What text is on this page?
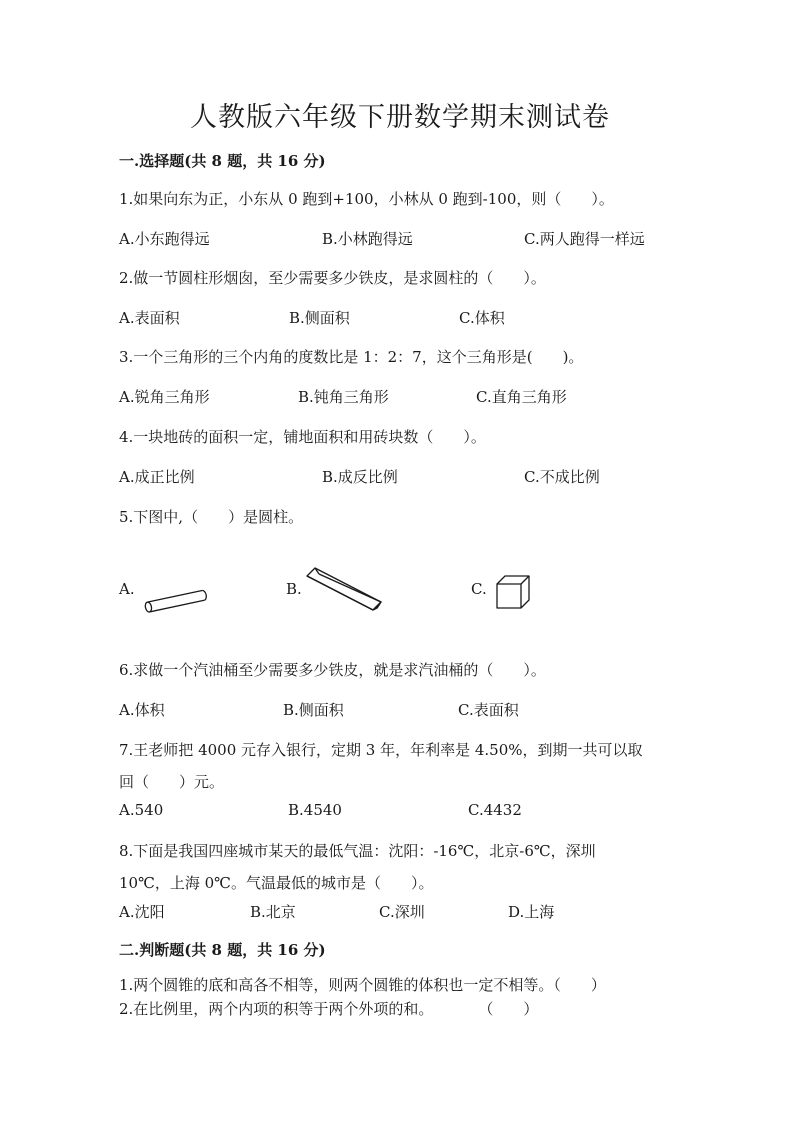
人教版六年级下册数学期末测试卷
一.选择题(共 8 题，共 16 分)
1.如果向东为正，小东从 0 跑到+100，小林从 0 跑到-100，则（　　）。
A.小东跑得远	B.小林跑得远	C.两人跑得一样远
2.做一节圆柱形烟囱，至少需要多少铁皮，是求圆柱的（　　）。
A.表面积	B.侧面积	C.体积
3.一个三角形的三个内角的度数比是 1：2：7，这个三角形是(　　)。
A.锐角三角形	B.钝角三角形	C.直角三角形
4.一块地砖的面积一定，铺地面积和用砖块数（　　）。
A.成正比例	B.成反比例	C.不成比例
5.下图中,（　　）是圆柱。
A.	B.	C.
6.求做一个汽油桶至少需要多少铁皮，就是求汽油桶的（　　）。
A.体积	B.侧面积	C.表面积
7.王老师把 4000 元存入银行，定期 3 年，年利率是 4.50%，到期一共可以取
回（　　）元。
A.540	B.4540	C.4432
8.下面是我国四座城市某天的最低气温：沈阳：-16℃，北京-6℃，深圳
10℃，上海 0℃。气温最低的城市是（　　）。
A.沈阳	B.北京	C.深圳	D.上海
二.判断题(共 8 题，共 16 分)
1.两个圆锥的底和高各不相等，则两个圆锥的体积也一定不相等。（　　）
2.在比例里，两个内项的积等于两个外项的和。　　　　（　　）
